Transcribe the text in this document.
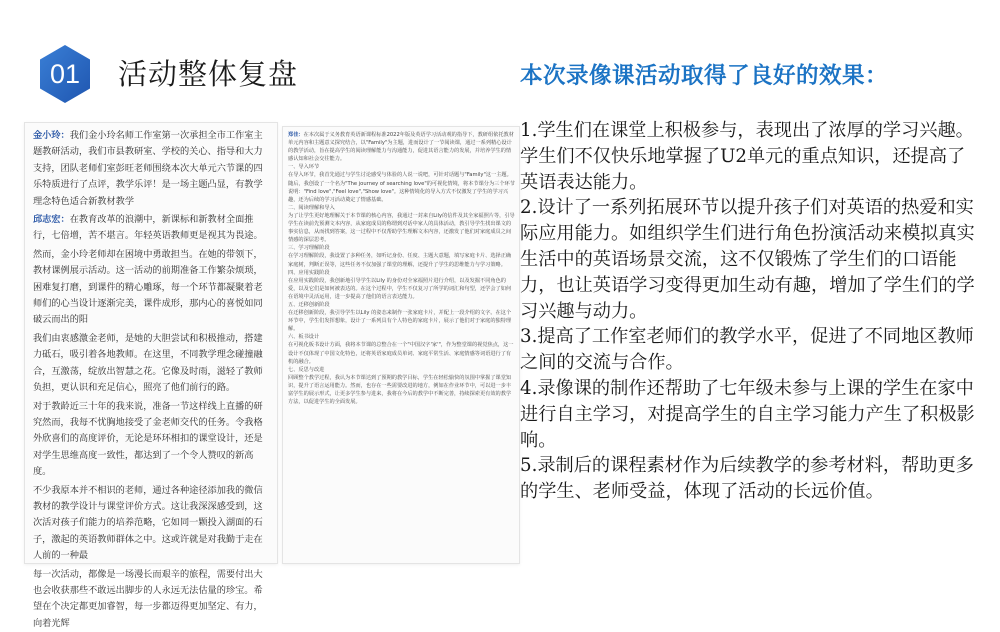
01	活动整体复盘

金小玲：我们金小玲名师工作室第一次承担全市工作室主题教研活动，我们市县教研室、学校的关心、指导和大力支持，团队老师们室彭旺老师围绕本次大单元六节课的四乐特质进行了点评，教学乐评！是一场主题凸显，有教学理念特色适合新教材教学

邱志宏：在教育改革的浪潮中，新课标和新教材全面推行，七倍增，苦不堪言。年轻英语教师更是视其为畏途。

然而，金小玲老师却在困境中勇敢担当。在她的带领下，教材课例展示活动。这一活动的前期准备工作繁杂烦琐，困难复打磨，到课件的精心雕琢，每一个环节都凝聚着老师们的心当设计逐渐完美，课件成形，那内心的喜悦如同破云而出的阳

我们由衷感激金老师，是她的大胆尝试和积极推动，搭建力砥石，吸引着各地教师。在这里，不同教学理念碰撞融合，互激荡，绽放出智慧之花。它像及时雨，滋轻了教师负担，更认识和充足信心，照亮了他们前行的路。

对于教龄近三十年的我来说，准备一节这样线上直播的研究然而，我每不忧胸地接受了金老师交代的任务。令我格外欣喜们的高度评价，无论是环环相扣的课堂设计，还是对学生思维高度一致性，都达到了一个令人赞叹的新高度。

不少我原本并不相识的老师，通过各种途径添加我的微信教材的教学设计与课堂评价方式。这让我深深感受到，这次活对孩子们能力的培养范略，它如同一颗投入湖面的石子，激起的英语教师群体之中。这或许就是对我勤于走在人前的一种最

每一次活动，都像是一场漫长而艰辛的旅程，需要付出大也会收获那些不敢远出脚步的人永远无法估量的珍宝。希望在个决定都更加睿智，每一步都迈得更加坚定、有力，向着光辉

郑佳：在本次属于义务教育英语新课程标准2022年版及英语学习活动观的指导下，教研组依托教材单元内容和主题意义探究结合，以"Family"为主题，进而设计了一节阅读课，通过一系列精心设计的教学活动，旨在提高学生的阅读理解能力与沟通能力，促进其语言能力的发展，并培养学生的情感认知和社会交往能力。

一、导入环节

在导入环节，我首先通过与学生讨论感受与体验的人说一说吧，可针对话题与"Family"这一主题。随后，我创设了一个名为"The journey of searching love"的可视化情境，将本节课分为三个环节说明："Find love","Feel love","Show love"。这种情境化的导入方式不仅激发了学生的学习兴趣，还为后续的学习活动奠定了情感基础。

二、阅读理解和导入

为了让学生更好地理解关于本节课的核心内容，我通过一封来自Lily的信件及其全家福照片等，引导学生在读前先预测文本内容，从家庭成员的称谓到对话中家人的具体活动，教引导学生找出课文的事实信息，从而找到答案，这一过程中不仅帮助学生理解文本内容，还激发了他们对家庭成员之间情感的深层思考。

三、学习理解阶段

在学习理解阶段，我设置了多种任务，如听记身份、任度、主题大意题，填写家庭卡片、选择正确家庭树，判断正误等，这些任务不仅加强了课堂的理解，还提升了学生的思维能力与学习策略。

四、应用实践阶段

在应用实践阶段，我创新地引导学生以Lily 的身份对全家福照片进行介绍，以及发掘不同角色的爱，以及它们是如何被表达的。在这个过程中，学生不仅复习了所学的词汇和句型，还学会了如何在语境中灵活运用，进一步提高了他们的语言表达能力。

五、迁移创新阶段

在迁移创新阶段，我引导学生以Lily 的姿态来制作一张家庭卡片，并配上一段介绍的文字。在这个环节中，学生们发挥想象，设计了一系列具有个人特色的家庭卡片，展示了他们对于家庭的独特理解。

六、板书设计

在可视化板书设计方面，我将本节课的总整合在一个"中国汉字'家'"，作为整堂课的视觉焦点，这一设计不仅体现了中国文化特色，还将英语家庭成员单词、家庭平常生活、家庭情感等词语进行了有机的融合。

七、反思与改进

回顾整个教学过程，我认为本节课达到了预期的教学目标，学生在轻松愉快的氛围中掌握了课堂知识，提升了语言运用能力。然而，也存在一些需要改进的地方，例如在作业环节中，可以进一步丰富学生的展示形式，让更多学生参与进来，我将在今后的教学中不断完善，持续探索更有效的教学方法，以促进学生的全面发展。

本次录像课活动取得了良好的效果：
1.学生们在课堂上积极参与，表现出了浓厚的学习兴趣。学生们不仅快乐地掌握了U2单元的重点知识，还提高了英语表达能力。
2.设计了一系列拓展环节以提升孩子们对英语的热爱和实际应用能力。如组织学生们进行角色扮演活动来模拟真实生活中的英语场景交流，这不仅锻炼了学生们的口语能力，也让英语学习变得更加生动有趣，增加了学生们的学习兴趣与动力。
3.提高了工作室老师们的教学水平，促进了不同地区教师之间的交流与合作。
4.录像课的制作还帮助了七年级未参与上课的学生在家中进行自主学习，对提高学生的自主学习能力产生了积极影响。
5.录制后的课程素材作为后续教学的参考材料，帮助更多的学生、老师受益，体现了活动的长远价值。
